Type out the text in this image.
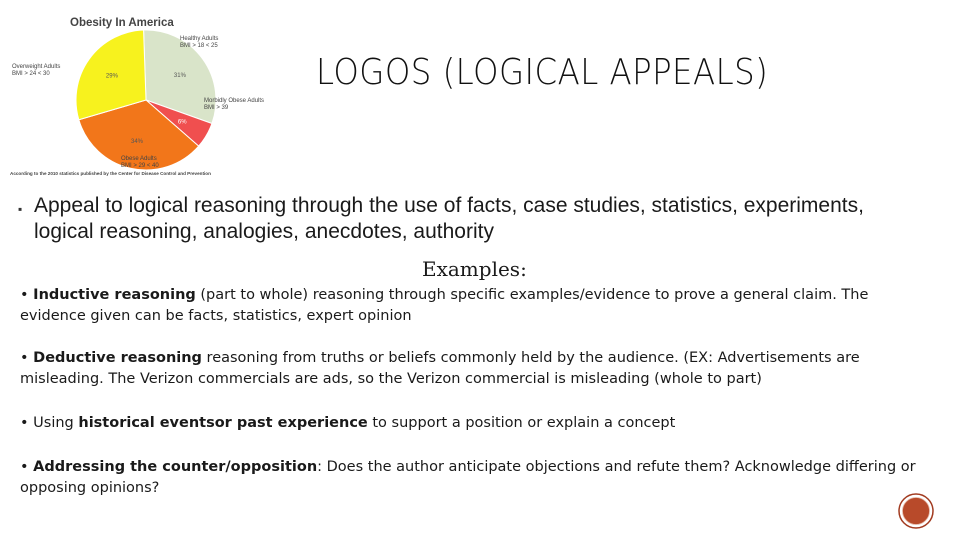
Obesity In America
31%
Healthy Adults
BMI > 18 < 25
6%
Morbidly Obese Adults
BMI > 39
34%
Obese Adults
BMI > 29 < 40
29%
Overweight Adults
BMI > 24 < 30
According to the 2010 statistics published by the Center for Disease Control and Prevention
LOGOS (LOGICAL APPEALS)
▪ Appeal to logical reasoning through the use of facts, case studies, statistics, experiments, logical reasoning, analogies, anecdotes, authority
Examples:
• Inductive reasoning (part to whole) reasoning through specific examples/evidence to prove a general claim. The evidence given can be facts, statistics, expert opinion
• Deductive reasoning reasoning from truths or beliefs commonly held by the audience. (EX: Advertisements are misleading. The Verizon commercials are ads, so the Verizon commercial is misleading (whole to part)
• Using historical eventsor past experience to support a position or explain a concept
• Addressing the counter/opposition: Does the author anticipate objections and refute them? Acknowledge differing or opposing opinions?
